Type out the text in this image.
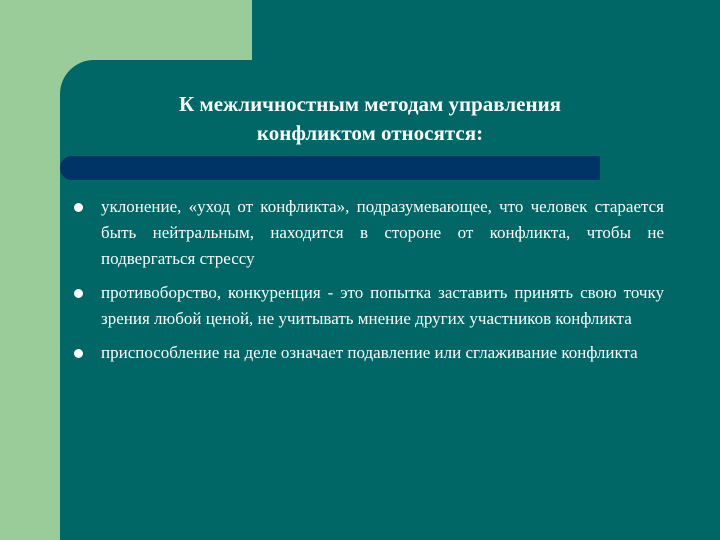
К межличностным методам управления
конфликтом относятся:
уклонение, «уход от конфликта», подразумевающее, что человек старается быть нейтральным, находится в стороне от конфликта, чтобы не подвергаться стрессу
противоборство, конкуренция - это попытка заставить принять свою точку зрения любой ценой, не учитывать мнение других участников конфликта
приспособление на деле означает подавление или сглаживание конфликта
